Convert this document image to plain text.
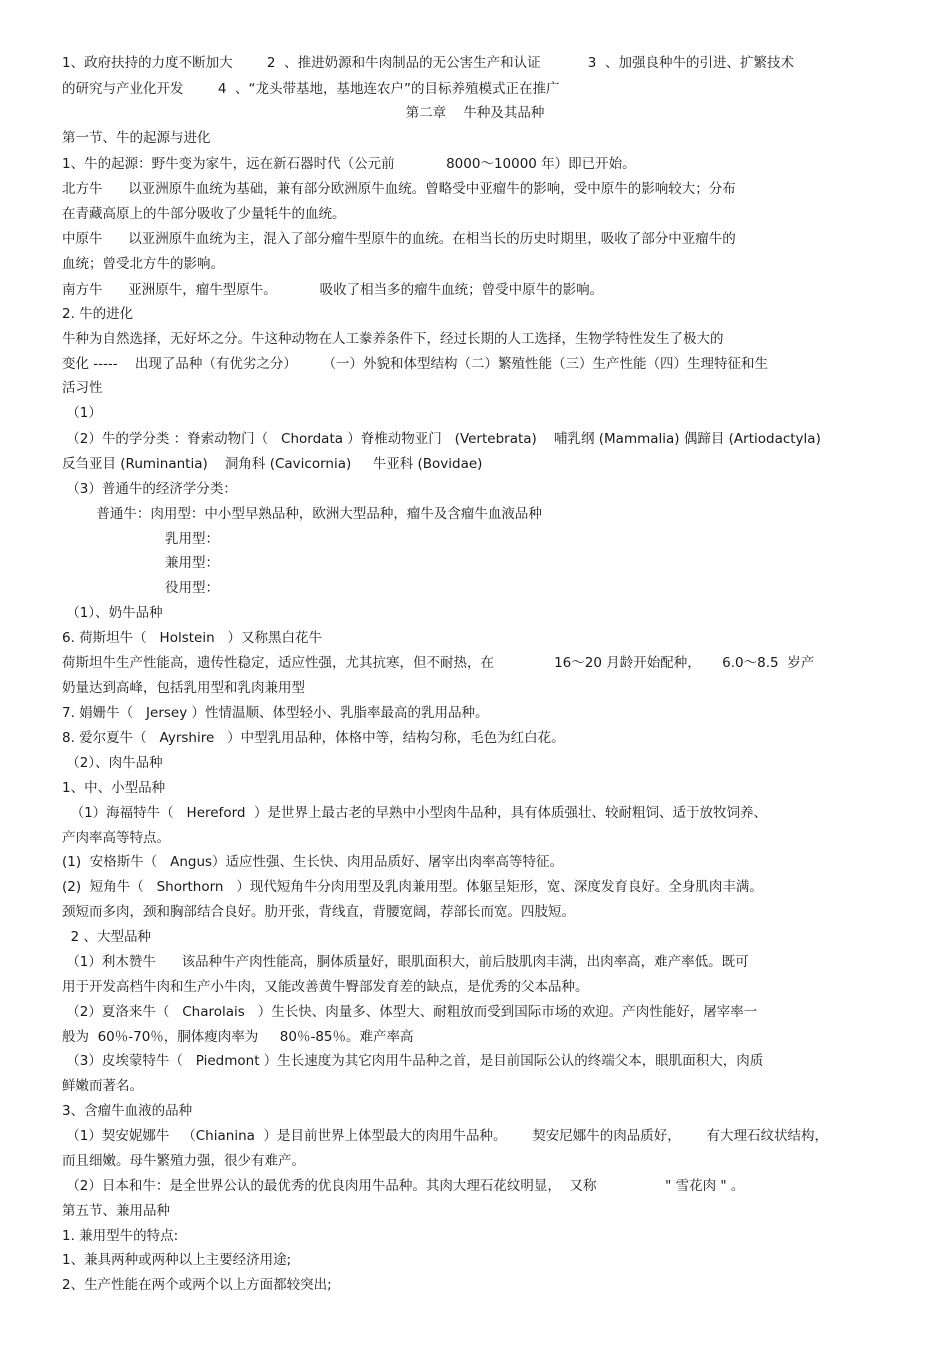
1、政府扶持的力度不断加大        2  、推进奶源和牛肉制品的无公害生产和认证           3  、加强良种牛的引进、扩繁技术
的研究与产业化开发        4  、“龙头带基地，基地连农户”的目标养殖模式正在推广
第二章    牛种及其品种
第一节、牛的起源与进化
1、牛的起源：野牛变为家牛，远在新石器时代（公元前            8000～10000 年）即已开始。
北方牛      以亚洲原牛血统为基础，兼有部分欧洲原牛血统。曾略受中亚瘤牛的影响，受中原牛的影响较大；分布
在青藏高原上的牛部分吸收了少量牦牛的血统。
中原牛      以亚洲原牛血统为主，混入了部分瘤牛型原牛的血统。在相当长的历史时期里，吸收了部分中亚瘤牛的
血统；曾受北方牛的影响。
南方牛      亚洲原牛，瘤牛型原牛。          吸收了相当多的瘤牛血统；曾受中原牛的影响。
2. 牛的进化
牛种为自然选择，无好坏之分。牛这种动物在人工豢养条件下，经过长期的人工选择，生物学特性发生了极大的
变化 -----    出现了品种（有优劣之分）      （一）外貌和体型结构（二）繁殖性能（三）生产性能（四）生理特征和生
活习性
（1）
（2）牛的学分类 ：脊索动物门（   Chordata ）脊椎动物亚门   (Vertebrata)    哺乳纲 (Mammalia) 偶蹄目 (Artiodactyla)
反刍亚目 (Ruminantia)    洞角科 (Cavicornia)     牛亚科 (Bovidae)
（3）普通牛的经济学分类：
普通牛：肉用型：中小型早熟品种，欧洲大型品种，瘤牛及含瘤牛血液品种
乳用型：
兼用型：
役用型：
（1）、奶牛品种
6. 荷斯坦牛（   Holstein   ）又称黑白花牛
荷斯坦牛生产性能高，遗传性稳定，适应性强，尤其抗寒，但不耐热，在              16～20 月龄开始配种，     6.0～8.5  岁产
奶量达到高峰，包括乳用型和乳肉兼用型
7. 娟姗牛（   Jersey ）性情温顺、体型轻小、乳脂率最高的乳用品种。
8. 爱尔夏牛（   Ayrshire   ）中型乳用品种，体格中等，结构匀称，毛色为红白花。
（2）、肉牛品种
1、中、小型品种
（1）海福特牛（   Hereford  ）是世界上最古老的早熟中小型肉牛品种，具有体质强壮、较耐粗饲、适于放牧饲养、
产肉率高等特点。
(1)  安格斯牛（   Angus）适应性强、生长快、肉用品质好、屠宰出肉率高等特征。
(2)  短角牛（   Shorthorn   ）现代短角牛分肉用型及乳肉兼用型。体躯呈矩形，宽、深度发育良好。全身肌肉丰满。
颈短而多肉，颈和胸部结合良好。肋开张，背线直，背腰宽阔，荐部长而宽。四肢短。
2 、大型品种
（1）利木赞牛      该品种牛产肉性能高，胴体质量好，眼肌面积大，前后肢肌肉丰满，出肉率高，难产率低。既可
用于开发高档牛肉和生产小牛肉，又能改善黄牛臀部发育差的缺点，是优秀的父本品种。
（2）夏洛来牛（   Charolais   ）生长快、肉量多、体型大、耐粗放而受到国际市场的欢迎。产肉性能好，屠宰率一
般为  60％-70％，胴体瘦肉率为     80％-85％。难产率高
（3）皮埃蒙特牛（   Piedmont ）生长速度为其它肉用牛品种之首，是目前国际公认的终端父本，眼肌面积大，肉质
鲜嫩而著名。
3、含瘤牛血液的品种
（1）契安妮娜牛   （Chianina  ）是目前世界上体型最大的肉用牛品种。      契安尼娜牛的肉品质好，      有大理石纹状结构，
而且细嫩。母牛繁殖力强，很少有难产。
（2）日本和牛：是全世界公认的最优秀的优良肉用牛品种。其肉大理石花纹明显，  又称                " 雪花肉 " 。
第五节、兼用品种
1. 兼用型牛的特点:
1、兼具两种或两种以上主要经济用途;
2、生产性能在两个或两个以上方面都较突出;
